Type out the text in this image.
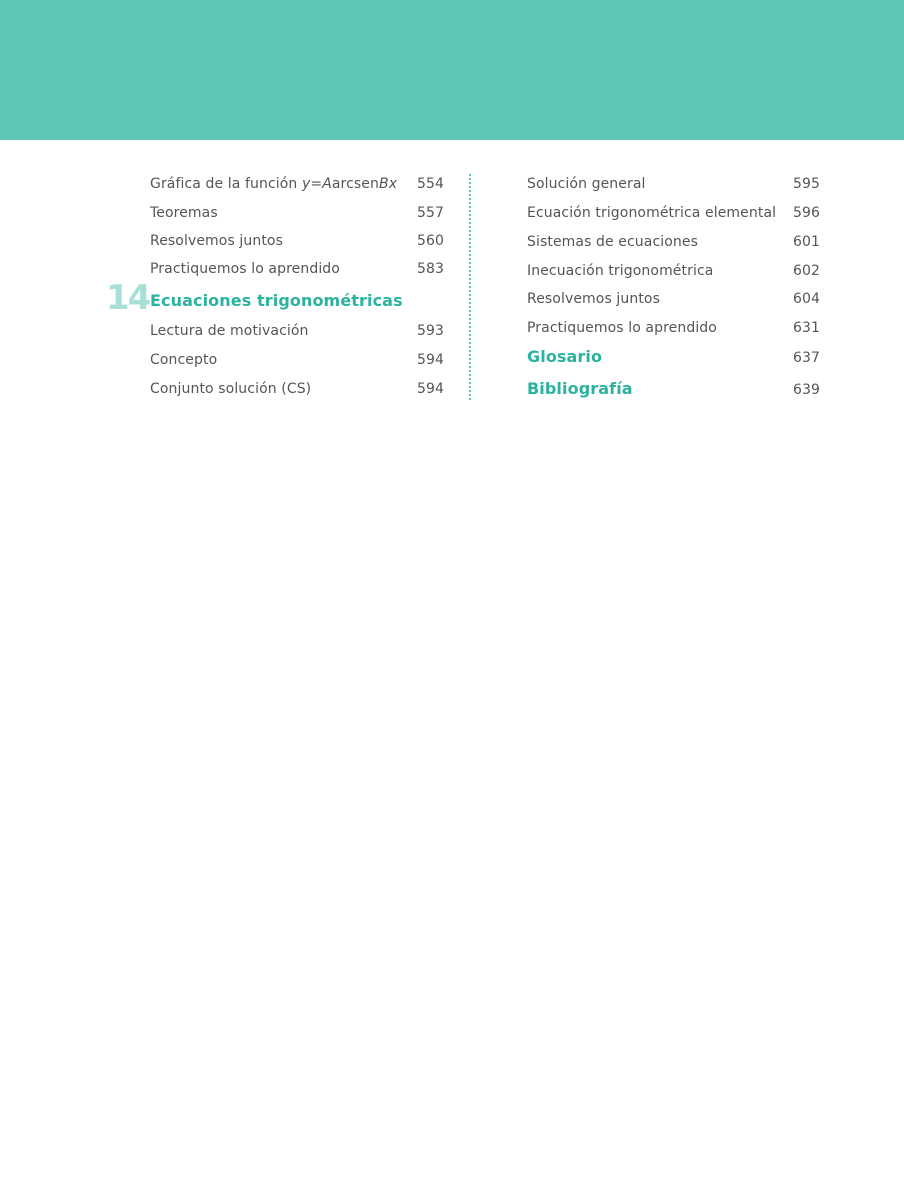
Gráfica de la función y=AarcsenBx 554
Teoremas	557
Resolvemos juntos	560
Practiquemos lo aprendido	583
14 Ecuaciones trigonométricas
Lectura de motivación	593
Concepto	594
Conjunto solución (CS)	594
Solución general	595
Ecuación trigonométrica elemental 596
Sistemas de ecuaciones	601
Inecuación trigonométrica	602
Resolvemos juntos	604
Practiquemos lo aprendido	631
Glosario	637
Bibliografía	639
